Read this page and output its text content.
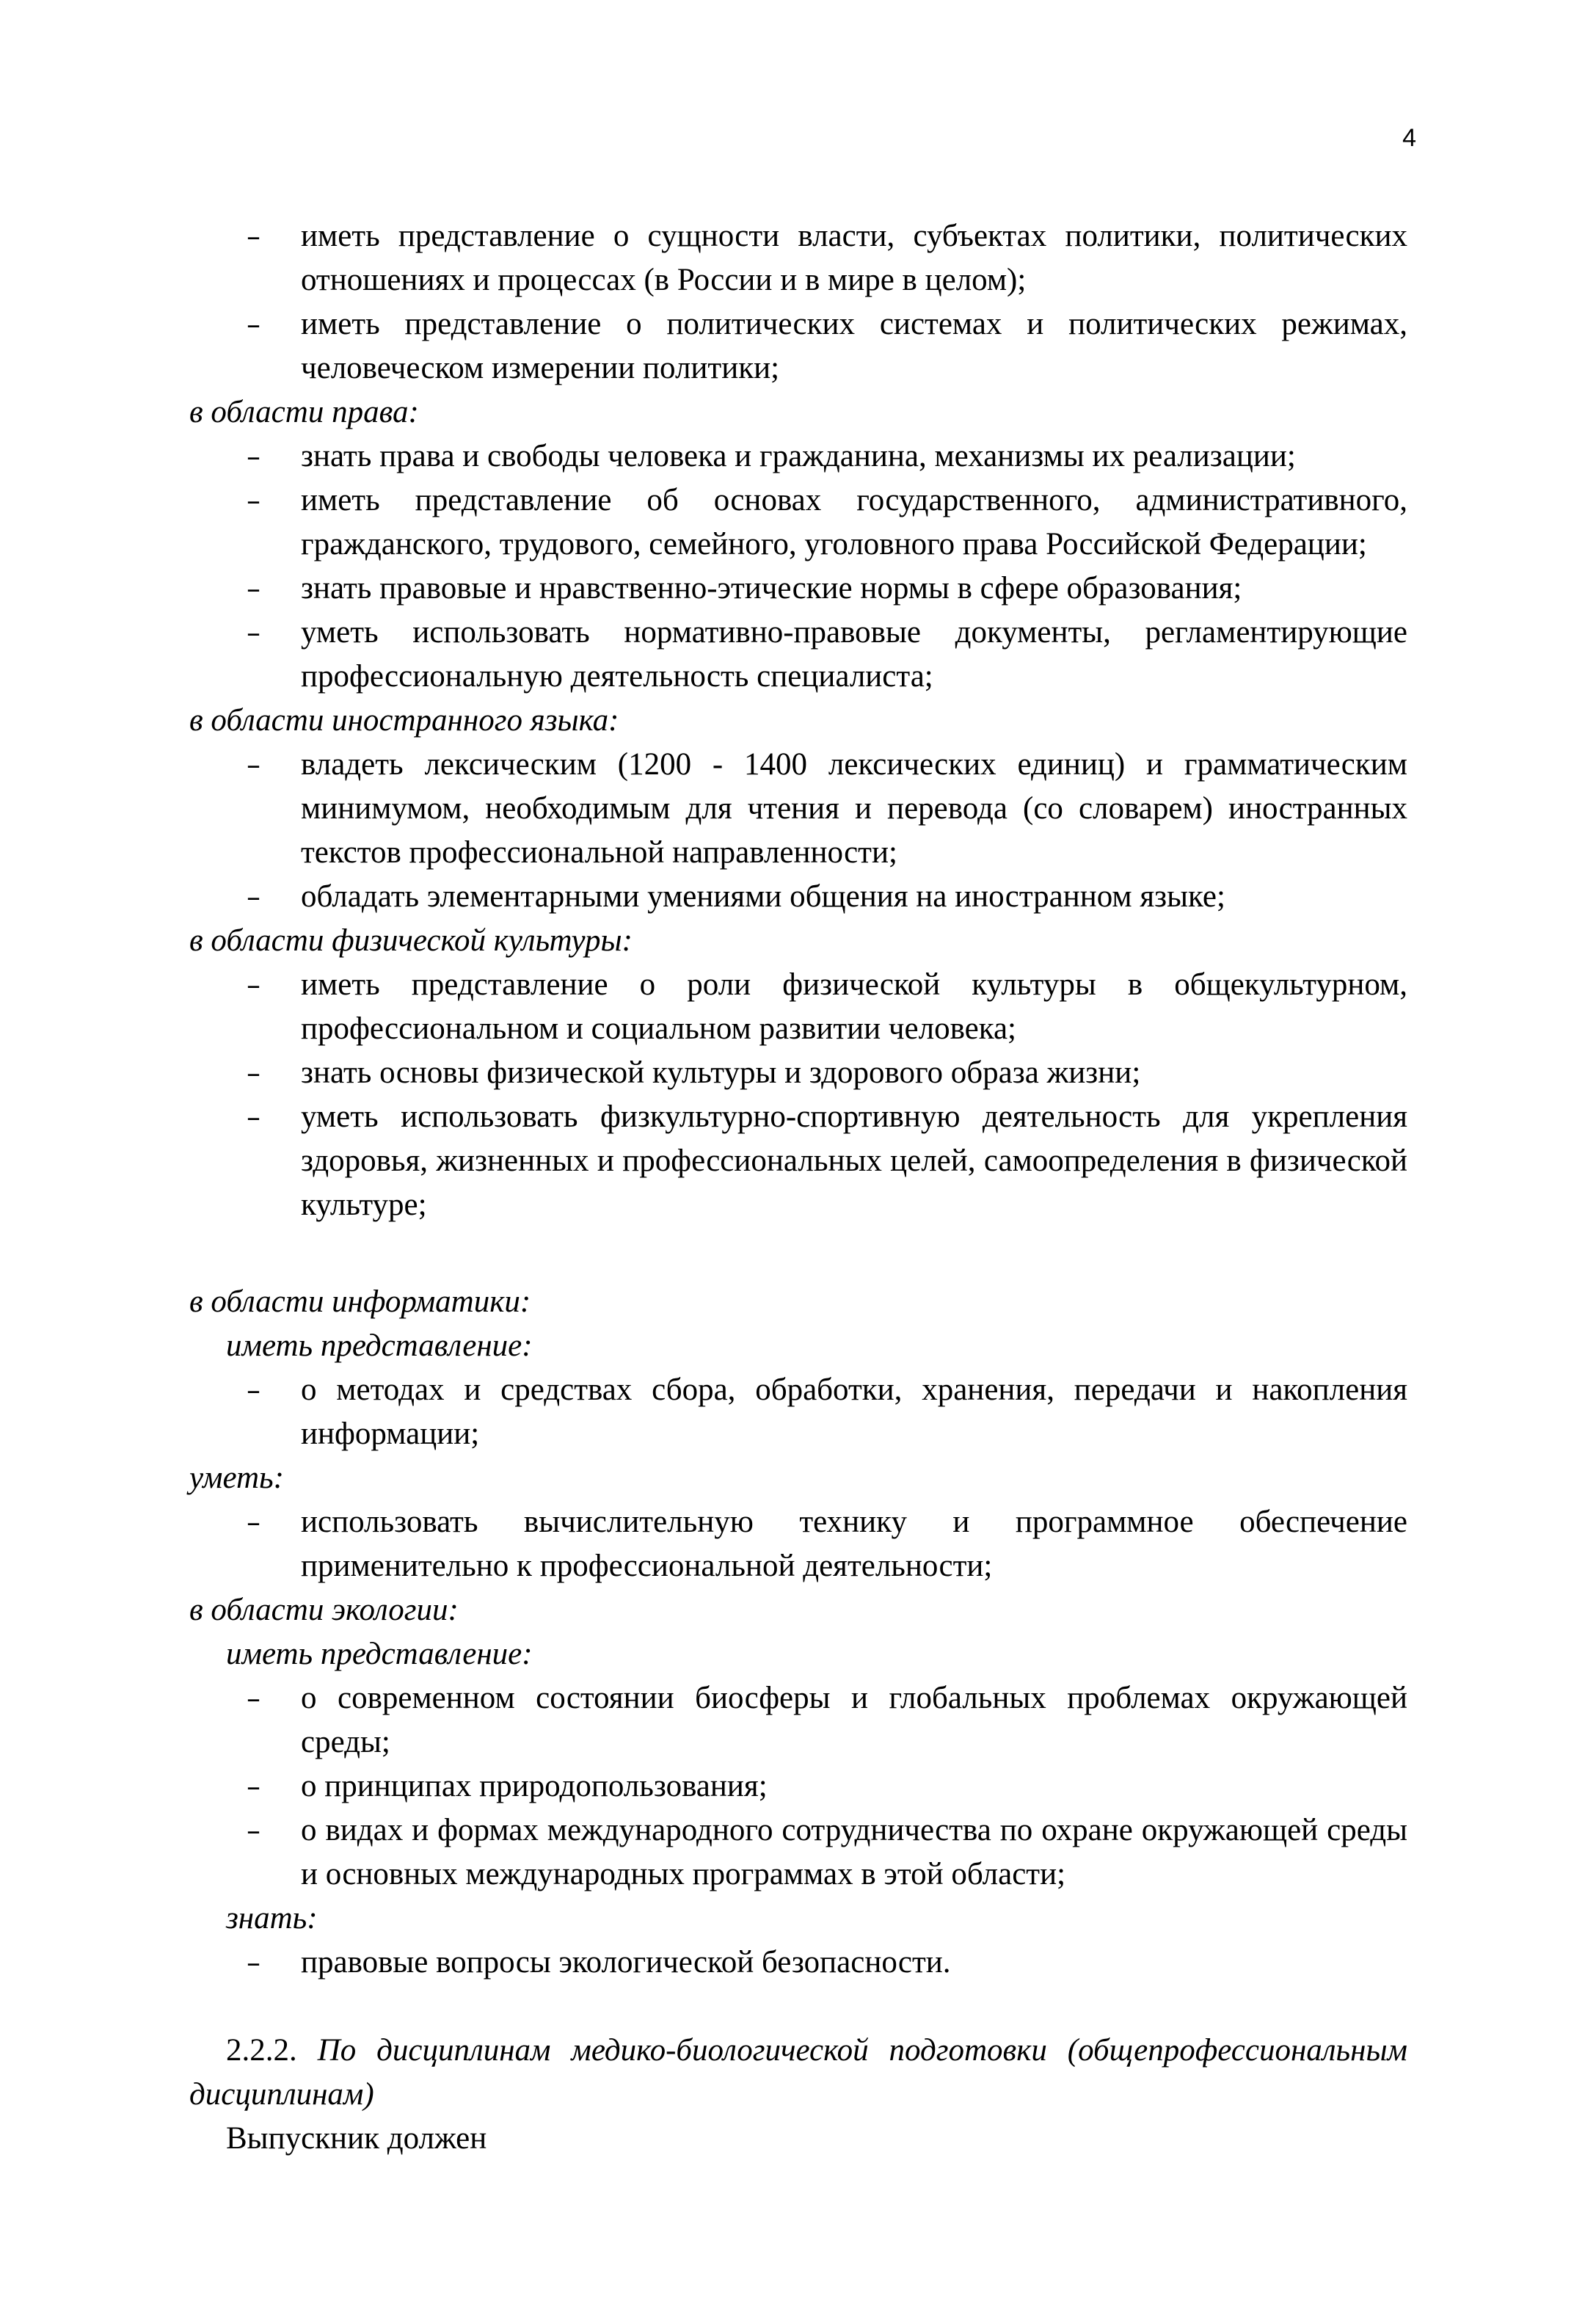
4
– иметь представление о сущности власти, субъектах политики, политических отношениях и процессах (в России и в мире в целом);
– иметь представление о политических системах и политических режимах, человеческом измерении политики;
в области права:
– знать права и свободы человека и гражданина, механизмы их реализации;
– иметь представление об основах государственного, административного, гражданского, трудового, семейного, уголовного права Российской Федерации;
– знать правовые и нравственно-этические нормы в сфере образования;
– уметь использовать нормативно-правовые документы, регламентирующие профессиональную деятельность специалиста;
в области иностранного языка:
– владеть лексическим (1200 - 1400 лексических единиц) и грамматическим минимумом, необходимым для чтения и перевода (со словарем) иностранных текстов профессиональной направленности;
– обладать элементарными умениями общения на иностранном языке;
в области физической культуры:
– иметь представление о роли физической культуры в общекультурном, профессиональном и социальном развитии человека;
– знать основы физической культуры и здорового образа жизни;
– уметь использовать физкультурно-спортивную деятельность для укрепления здоровья, жизненных и профессиональных целей, самоопределения в физической культуре;
в области информатики:
иметь представление:
– о методах и средствах сбора, обработки, хранения, передачи и накопления информации;
уметь:
– использовать вычислительную технику и программное обеспечение применительно к профессиональной деятельности;
в области экологии:
иметь представление:
– о современном состоянии биосферы и глобальных проблемах окружающей среды;
– о принципах природопользования;
– о видах и формах международного сотрудничества по охране окружающей среды и основных международных программах в этой области;
знать:
– правовые вопросы экологической безопасности.
2.2.2. По дисциплинам медико-биологической подготовки (общепрофессиональным дисциплинам)
Выпускник должен
